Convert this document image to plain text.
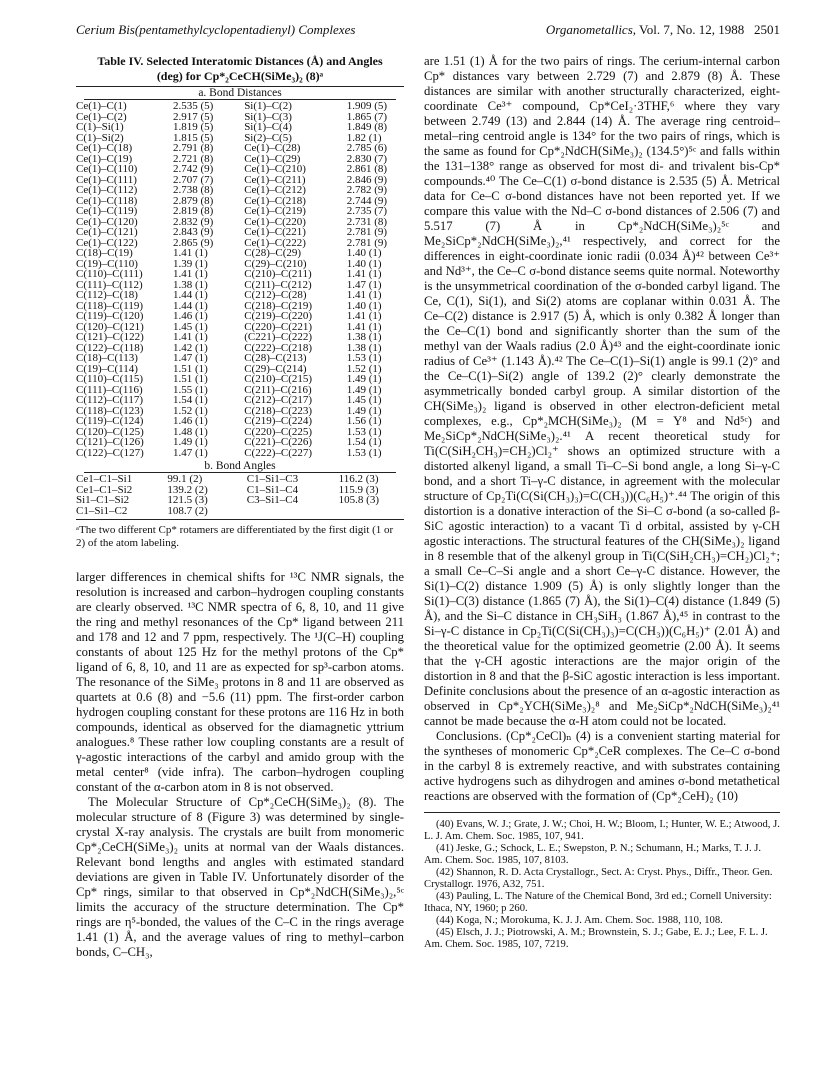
Cerium Bis(pentamethylcyclopentadienyl) Complexes	Organometallics, Vol. 7, No. 12, 1988 2501
Table IV. Selected Interatomic Distances (Å) and Angles
(deg) for Cp*₂CeCH(SiMe₃)₂ (8)ᵃ
a. Bond Distances
Ce(1)–C(1)	2.535 (5)	Si(1)–C(2)	1.909 (5)
Ce(1)–C(2)	2.917 (5)	Si(1)–C(3)	1.865 (7)
C(1)–Si(1)	1.819 (5)	Si(1)–C(4)	1.849 (8)
C(1)–Si(2)	1.815 (5)	Si(2)–C(5)	1.82 (1)
Ce(1)–C(18)	2.791 (8)	Ce(1)–C(28)	2.785 (6)
Ce(1)–C(19)	2.721 (8)	Ce(1)–C(29)	2.830 (7)
Ce(1)–C(110)	2.742 (9)	Ce(1)–C(210)	2.861 (8)
Ce(1)–C(111)	2.707 (7)	Ce(1)–C(211)	2.846 (9)
Ce(1)–C(112)	2.738 (8)	Ce(1)–C(212)	2.782 (9)
Ce(1)–C(118)	2.879 (8)	Ce(1)–C(218)	2.744 (9)
Ce(1)–C(119)	2.819 (8)	Ce(1)–C(219)	2.735 (7)
Ce(1)–C(120)	2.832 (9)	Ce(1)–C(220)	2.731 (8)
Ce(1)–C(121)	2.843 (9)	Ce(1)–C(221)	2.781 (9)
Ce(1)–C(122)	2.865 (9)	Ce(1)–C(222)	2.781 (9)
C(18)–C(19)	1.41 (1)	C(28)–C(29)	1.40 (1)
C(19)–C(110)	1.39 (1)	C(29)–C(210)	1.40 (1)
C(110)–C(111)	1.41 (1)	C(210)–C(211)	1.41 (1)
C(111)–C(112)	1.38 (1)	C(211)–C(212)	1.47 (1)
C(112)–C(18)	1.44 (1)	C(212)–C(28)	1.41 (1)
C(118)–C(119)	1.44 (1)	C(218)–C(219)	1.40 (1)
C(119)–C(120)	1.46 (1)	C(219)–C(220)	1.41 (1)
C(120)–C(121)	1.45 (1)	C(220)–C(221)	1.41 (1)
C(121)–C(122)	1.41 (1)	(C221)–C(222)	1.38 (1)
C(122)–C(118)	1.42 (1)	C(222)–C(218)	1.38 (1)
C(18)–C(113)	1.47 (1)	C(28)–C(213)	1.53 (1)
C(19)–C(114)	1.51 (1)	C(29)–C(214)	1.52 (1)
C(110)–C(115)	1.51 (1)	C(210)–C(215)	1.49 (1)
C(111)–C(116)	1.55 (1)	C(211)–C(216)	1.49 (1)
C(112)–C(117)	1.54 (1)	C(212)–C(217)	1.45 (1)
C(118)–C(123)	1.52 (1)	C(218)–C(223)	1.49 (1)
C(119)–C(124)	1.46 (1)	C(219)–C(224)	1.56 (1)
C(120)–C(125)	1.48 (1)	C(220)–C(225)	1.53 (1)
C(121)–C(126)	1.49 (1)	C(221)–C(226)	1.54 (1)
C(122)–C(127)	1.47 (1)	C(222)–C(227)	1.53 (1)
b. Bond Angles
Ce1–C1–Si1	99.1 (2)	C1–Si1–C3	116.2 (3)
Ce1–C1–Si2	139.2 (2)	C1–Si1–C4	115.9 (3)
Si1–C1–Si2	121.5 (3)	C3–Si1–C4	105.8 (3)
C1–Si1–C2	108.7 (2)		
ᵃThe two different Cp* rotamers are differentiated by the first digit (1 or 2) of the atom labeling.

larger differences in chemical shifts for ¹³C NMR signals, the resolution is increased and carbon–hydrogen coupling constants are clearly observed. ¹³C NMR spectra of 6, 8, 10, and 11 give the ring and methyl resonances of the Cp* ligand between 211 and 178 and 12 and 7 ppm, respectively. The ¹J(C–H) coupling constants of about 125 Hz for the methyl protons of the Cp* ligand of 6, 8, 10, and 11 are as expected for sp³-carbon atoms. The resonance of the SiMe₃ protons in 8 and 11 are observed as quartets at 0.6 (8) and −5.6 (11) ppm. The first-order carbon hydrogen coupling constant for these protons are 116 Hz in both compounds, identical as observed for the diamagnetic yttrium analogues.⁸ These rather low coupling constants are a result of γ-agostic interactions of the carbyl and amido group with the metal center⁸ (vide infra). The carbon–hydrogen coupling constant of the α-carbon atom in 8 is not observed.

The Molecular Structure of Cp*₂CeCH(SiMe₃)₂ (8). The molecular structure of 8 (Figure 3) was determined by single-crystal X-ray analysis. The crystals are built from monomeric Cp*₂CeCH(SiMe₃)₂ units at normal van der Waals distances. Relevant bond lengths and angles with estimated standard deviations are given in Table IV. Unfortunately disorder of the Cp* rings, similar to that observed in Cp*₂NdCH(SiMe₃)₂,⁵ᶜ limits the accuracy of the structure determination. The Cp* rings are η⁵-bonded, the values of the C–C in the rings average 1.41 (1) Å, and the average values of ring to methyl–carbon bonds, C–CH₃,

are 1.51 (1) Å for the two pairs of rings. The cerium-internal carbon Cp* distances vary between 2.729 (7) and 2.879 (8) Å. These distances are similar with another structurally characterized, eight-coordinate Ce³⁺ compound, Cp*CeI₂·3THF,⁶ where they vary between 2.749 (13) and 2.844 (14) Å. The average ring centroid–metal–ring centroid angle is 134° for the two pairs of rings, which is the same as found for Cp*₂NdCH(SiMe₃)₂ (134.5°)⁵ᶜ and falls within the 131–138° range as observed for most di- and trivalent bis-Cp* compounds.⁴⁰ The Ce–C(1) σ-bond distance is 2.535 (5) Å. Metrical data for Ce–C σ-bond distances have not been reported yet. If we compare this value with the Nd–C σ-bond distances of 2.506 (7) and 5.517 (7) Å in Cp*₂NdCH(SiMe₃)₂⁵ᶜ and Me₂SiCp*₂NdCH(SiMe₃)₂,⁴¹ respectively, and correct for the differences in eight-coordinate ionic radii (0.034 Å)⁴² between Ce³⁺ and Nd³⁺, the Ce–C σ-bond distance seems quite normal. Noteworthy is the unsymmetrical coordination of the σ-bonded carbyl ligand. The Ce, C(1), Si(1), and Si(2) atoms are coplanar within 0.031 Å. The Ce–C(2) distance is 2.917 (5) Å, which is only 0.382 Å longer than the Ce–C(1) bond and significantly shorter than the sum of the methyl van der Waals radius (2.0 Å)⁴³ and the eight-coordinate ionic radius of Ce³⁺ (1.143 Å).⁴² The Ce–C(1)–Si(1) angle is 99.1 (2)° and the Ce–C(1)–Si(2) angle of 139.2 (2)° clearly demonstrate the asymmetrically bonded carbyl group. A similar distortion of the CH(SiMe₃)₂ ligand is observed in other electron-deficient metal complexes, e.g., Cp*₂MCH(SiMe₃)₂ (M = Y⁸ and Nd⁵ᶜ) and Me₂SiCp*₂NdCH(SiMe₃)₂.⁴¹ A recent theoretical study for Ti(C(SiH₂CH₃)=CH₂)Cl₂⁺ shows an optimized structure with a distorted alkenyl ligand, a small Ti–C–Si bond angle, a long Si–γ-C bond, and a short Ti–γ-C distance, in agreement with the molecular structure of Cp₂Ti(C(Si(CH₃)₃)=C(CH₃))(C₆H₅)⁺.⁴⁴ The origin of this distortion is a donative interaction of the Si–C σ-bond (a so-called β-SiC agostic interaction) to a vacant Ti d orbital, assisted by γ-CH agostic interactions. The structural features of the CH(SiMe₃)₂ ligand in 8 resemble that of the alkenyl group in Ti(C(SiH₂CH₃)=CH₂)Cl₂⁺; a small Ce–C–Si angle and a short Ce–γ-C distance. However, the Si(1)–C(2) distance 1.909 (5) Å) is only slightly longer than the Si(1)–C(3) distance (1.865 (7) Å), the Si(1)–C(4) distance (1.849 (5) Å), and the Si–C distance in CH₃SiH₃ (1.867 Å),⁴⁵ in contrast to the Si–γ-C distance in Cp₂Ti(C(Si(CH₃)₃)=C(CH₃))(C₆H₅)⁺ (2.01 Å) and the theoretical value for the optimized geometrie (2.00 Å). It seems that the γ-CH agostic interactions are the major origin of the distortion in 8 and that the β-SiC agostic interaction is less important. Definite conclusions about the presence of an α-agostic interaction as observed in Cp*₂YCH(SiMe₃)₂⁸ and Me₂SiCp*₂NdCH(SiMe₃)₂⁴¹ cannot be made because the α-H atom could not be located.

Conclusions. (Cp*₂CeCl)ₙ (4) is a convenient starting material for the syntheses of monomeric Cp*₂CeR complexes. The Ce–C σ-bond in the carbyl 8 is extremely reactive, and with substrates containing active hydrogens such as dihydrogen and amines σ-bond metathetical reactions are observed with the formation of (Cp*₂CeH)₂ (10)

(40) Evans, W. J.; Grate, J. W.; Choi, H. W.; Bloom, I.; Hunter, W. E.; Atwood, J. L. J. Am. Chem. Soc. 1985, 107, 941.
(41) Jeske, G.; Schock, L. E.; Swepston, P. N.; Schumann, H.; Marks, T. J. J. Am. Chem. Soc. 1985, 107, 8103.
(42) Shannon, R. D. Acta Crystallogr., Sect. A: Cryst. Phys., Diffr., Theor. Gen. Crystallogr. 1976, A32, 751.
(43) Pauling, L. The Nature of the Chemical Bond, 3rd ed.; Cornell University: Ithaca, NY, 1960; p 260.
(44) Koga, N.; Morokuma, K. J. J. Am. Chem. Soc. 1988, 110, 108.
(45) Elsch, J. J.; Piotrowski, A. M.; Brownstein, S. J.; Gabe, E. J.; Lee, F. L. J. Am. Chem. Soc. 1985, 107, 7219.
